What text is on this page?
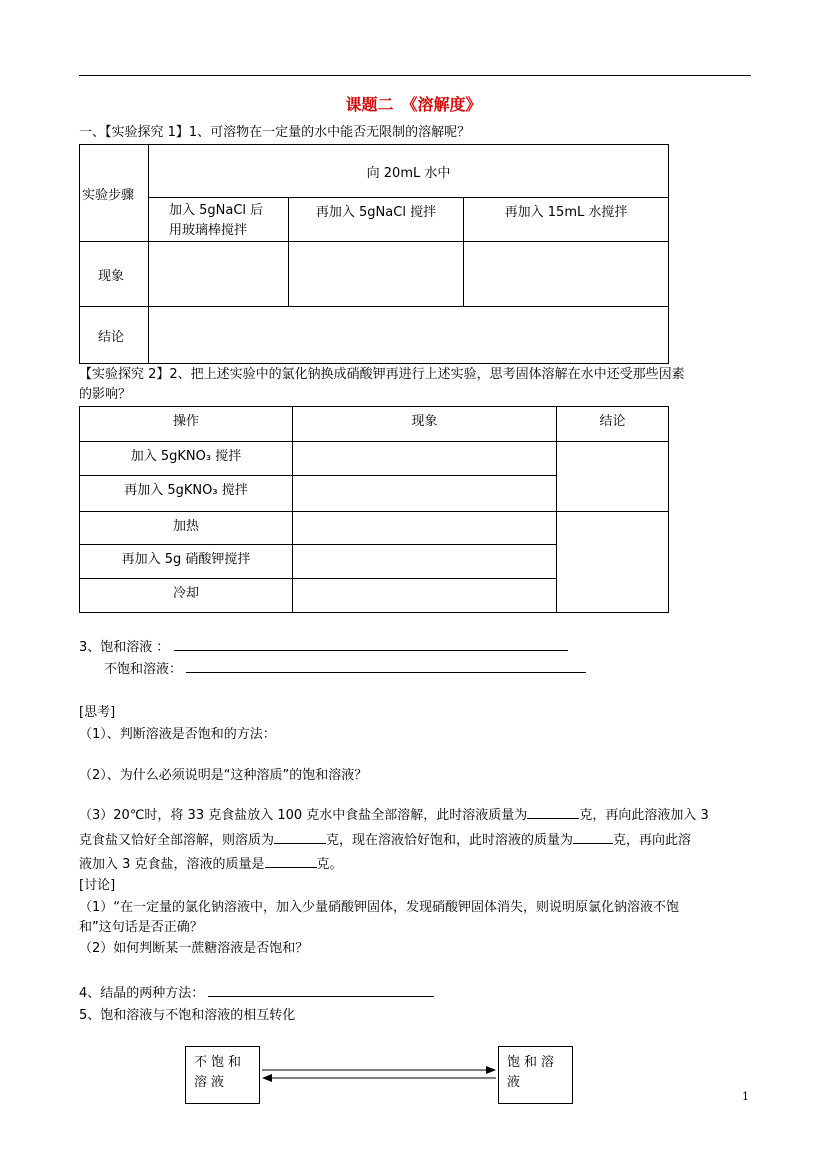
课题二　《溶解度》
一、【实验探究 1】1、可溶物在一定量的水中能否无限制的溶解呢？
实验步骤	向 20mL 水中		
	加入 5gNaCl 后用玻璃棒搅拌	再加入 5gNaCl 搅拌	再加入 15mL 水搅拌
现象			
结论			
【实验探究 2】2、把上述实验中的氯化钠换成硝酸钾再进行上述实验，思考固体溶解在水中还受那些因素
的影响？
操作	现象	结论
加入 5gKNO₃ 搅拌		
再加入 5gKNO₃ 搅拌		
加热		
再加入 5g 硝酸钾搅拌		
冷却		
3、饱和溶液 ：
不饱和溶液：
[思考]
（1）、判断溶液是否饱和的方法：
（2）、为什么必须说明是“这种溶质”的饱和溶液？
（3）20℃时，将 33 克食盐放入 100 克水中食盐全部溶解，此时溶液质量为	克，再向此溶液加入 3
克食盐又恰好全部溶解，则溶质为	克，现在溶液恰好饱和，此时溶液的质量为	克，再向此溶
液加入 3 克食盐，溶液的质量是	克。
[讨论]
（1）“在一定量的氯化钠溶液中，加入少量硝酸钾固体，发现硝酸钾固体消失，则说明原氯化钠溶液不饱
和”这句话是否正确？
（2）如何判断某一蔗糖溶液是否饱和？
4、结晶的两种方法：
5、饱和溶液与不饱和溶液的相互转化
不饱和溶液
饱和溶液
1
